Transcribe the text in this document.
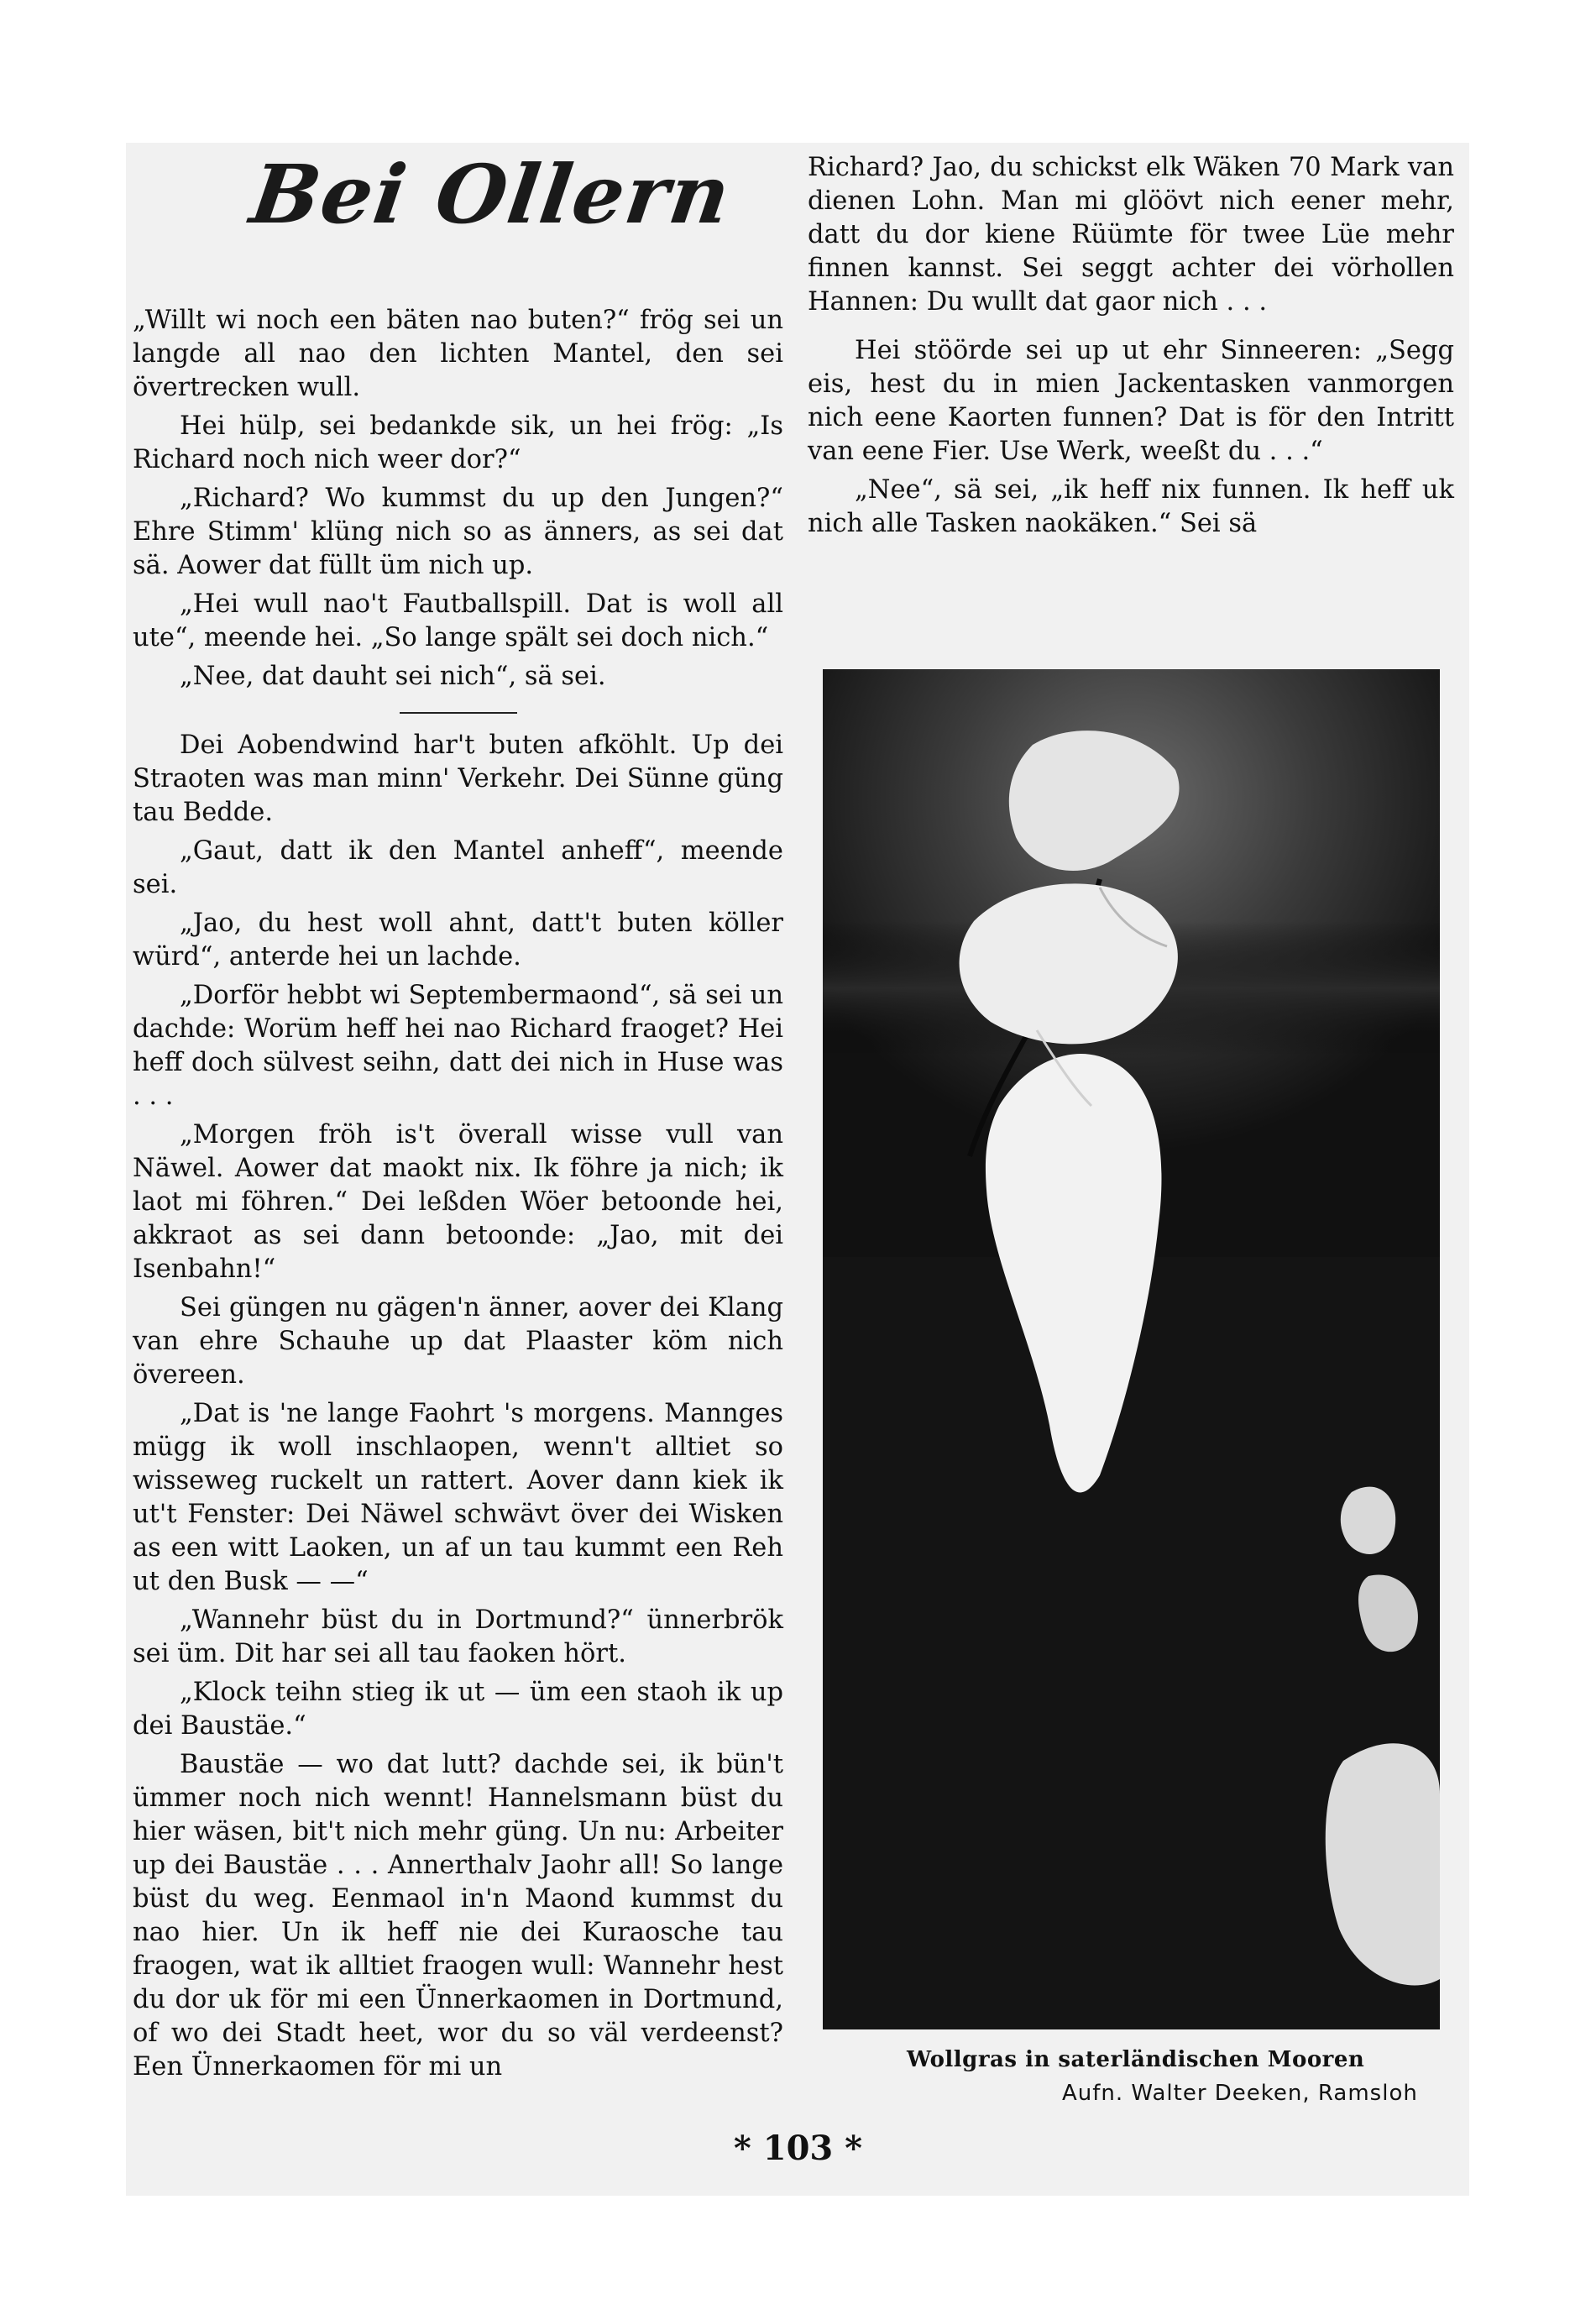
Bei Ollern

„Willt wi noch een bäten nao buten?“ frög sei un langde all nao den lichten Mantel, den sei övertrecken wull.

Hei hülp, sei bedankde sik, un hei frög: „Is Richard noch nich weer dor?“

„Richard? Wo kummst du up den Jungen?“ Ehre Stimm' klüng nich so as änners, as sei dat sä. Aower dat füllt üm nich up.

„Hei wull nao't Fautballspill. Dat is woll all ute“, meende hei. „So lange spält sei doch nich.“

„Nee, dat dauht sei nich“, sä sei.

Dei Aobendwind har't buten afköhlt. Up dei Straoten was man minn' Verkehr. Dei Sünne güng tau Bedde.

„Gaut, datt ik den Mantel anheff“, meende sei.

„Jao, du hest woll ahnt, datt't buten köller würd“, anterde hei un lachde.

„Dorför hebbt wi Septembermaond“, sä sei un dachde: Worüm heff hei nao Richard fraoget? Hei heff doch sülvest seihn, datt dei nich in Huse was . . .

„Morgen fröh is't överall wisse vull van Näwel. Aower dat maokt nix. Ik föhre ja nich; ik laot mi föhren.“ Dei leßden Wöer betoonde hei, akkraot as sei dann betoonde: „Jao, mit dei Isenbahn!“

Sei güngen nu gägen'n änner, aover dei Klang van ehre Schauhe up dat Plaaster köm nich övereen.

„Dat is 'ne lange Faohrt 's morgens. Mannges mügg ik woll inschlaopen, wenn't alltiet so wisseweg ruckelt un rattert. Aover dann kiek ik ut't Fenster: Dei Näwel schwävt över dei Wisken as een witt Laoken, un af un tau kummt een Reh ut den Busk — —“

„Wannehr büst du in Dortmund?“ ünnerbrök sei üm. Dit har sei all tau faoken hört.

„Klock teihn stieg ik ut — üm een staoh ik up dei Baustäe.“

Baustäe — wo dat lutt? dachde sei, ik bün't ümmer noch nich wennt! Hannelsmann büst du hier wäsen, bit't nich mehr güng. Un nu: Arbeiter up dei Baustäe . . . Annerthalv Jaohr all! So lange büst du weg. Eenmaol in'n Maond kummst du nao hier. Un ik heff nie dei Kuraosche tau fraogen, wat ik alltiet fraogen wull: Wannehr hest du dor uk för mi een Ünnerkaomen in Dortmund, of wo dei Stadt heet, wor du so väl verdeenst? Een Ünnerkaomen för mi un

Richard? Jao, du schickst elk Wäken 70 Mark van dienen Lohn. Man mi glöövt nich eener mehr, datt du dor kiene Rüümte för twee Lüe mehr finnen kannst. Sei seggt achter dei vörhollen Hannen: Du wullt dat gaor nich . . .

Hei stöörde sei up ut ehr Sinneeren: „Segg eis, hest du in mien Jackentasken vanmorgen nich eene Kaorten funnen? Dat is för den Intritt van eene Fier. Use Werk, weeßt du . . .“

„Nee“, sä sei, „ik heff nix funnen. Ik heff uk nich alle Tasken naokäken.“ Sei sä

Wollgras in saterländischen Mooren
Aufn. Walter Deeken, Ramsloh
* 103 *
